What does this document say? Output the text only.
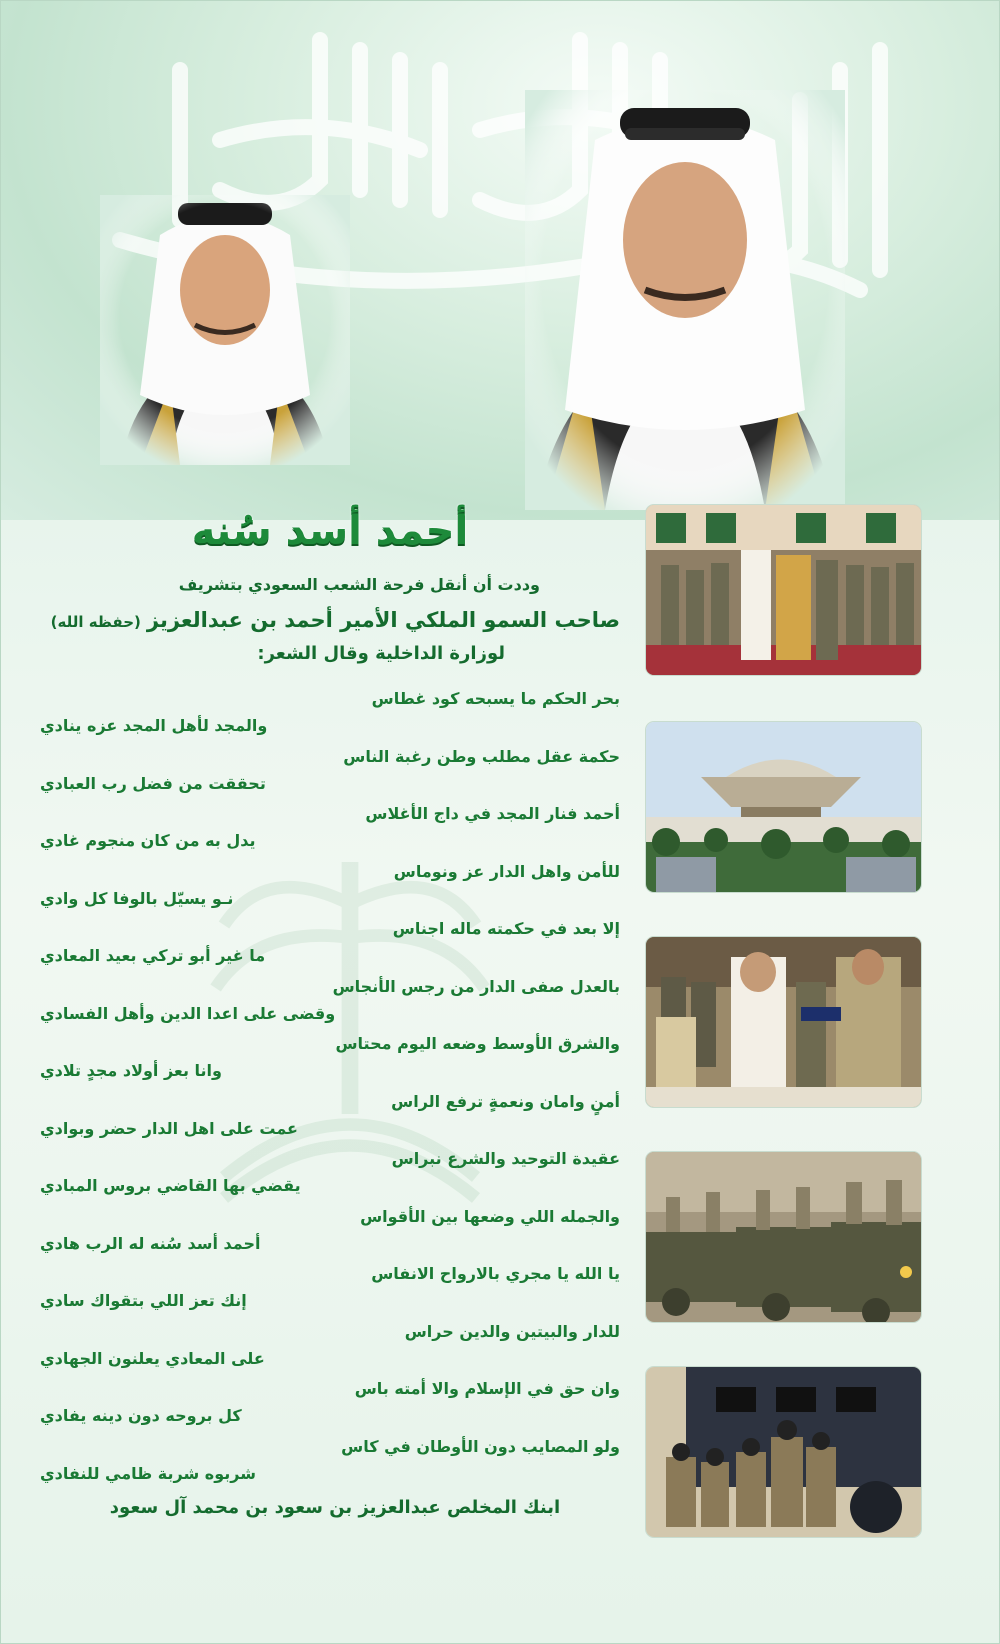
أحمد أسد سُنه
وددت أن أنقل فرحة الشعب السعودي بتشريف
صاحب السمو الملكي الأمير أحمد بن عبدالعزيز(حفظه الله)
لوزارة الداخلية وقال الشعر:
بحر الحكم ما يسبحه كود غطاس
والمجد لأهل المجد عزه ينادي
حكمة عقل مطلب وطن رغبة الناس
تحققت من فضل رب العبادي
أحمد فنار المجد في داج الأغلاس
يدل به من كان منجوم غادي
للأمن واهل الدار عز ونوماس
نـو يسيّل بالوفا كل وادي
إلا بعد في حكمته ماله اجناس
ما غير أبو تركي بعيد المعادي
بالعدل صفى الدار من رجس الأنجاس
وقضى على اعدا الدين وأهل الفسادي
والشرق الأوسط وضعه اليوم محتاس
وانا بعز أولاد مجدٍ تلادي
أمنٍ وامان ونعمةٍ ترفع الراس
عمت على اهل الدار حضر وبوادي
عقيدة التوحيد والشرع نبراس
يقضي بها القاضي بروس المبادي
والجمله اللي وضعها بين الأقواس
أحمد أسد سُنه له الرب هادي
يا الله يا مجري بالارواح الانفاس
إنك تعز اللي بتقواك سادي
للدار والبيتين والدين حراس
على المعادي يعلنون الجهادي
وان حق في الإسلام والا أمته باس
كل بروحه دون دينه يفادي
ولو المصايب دون الأوطان في كاس
شربوه شربة ظامي للنفادي
ابنك المخلص عبدالعزيز بن سعود بن محمد آل سعود
